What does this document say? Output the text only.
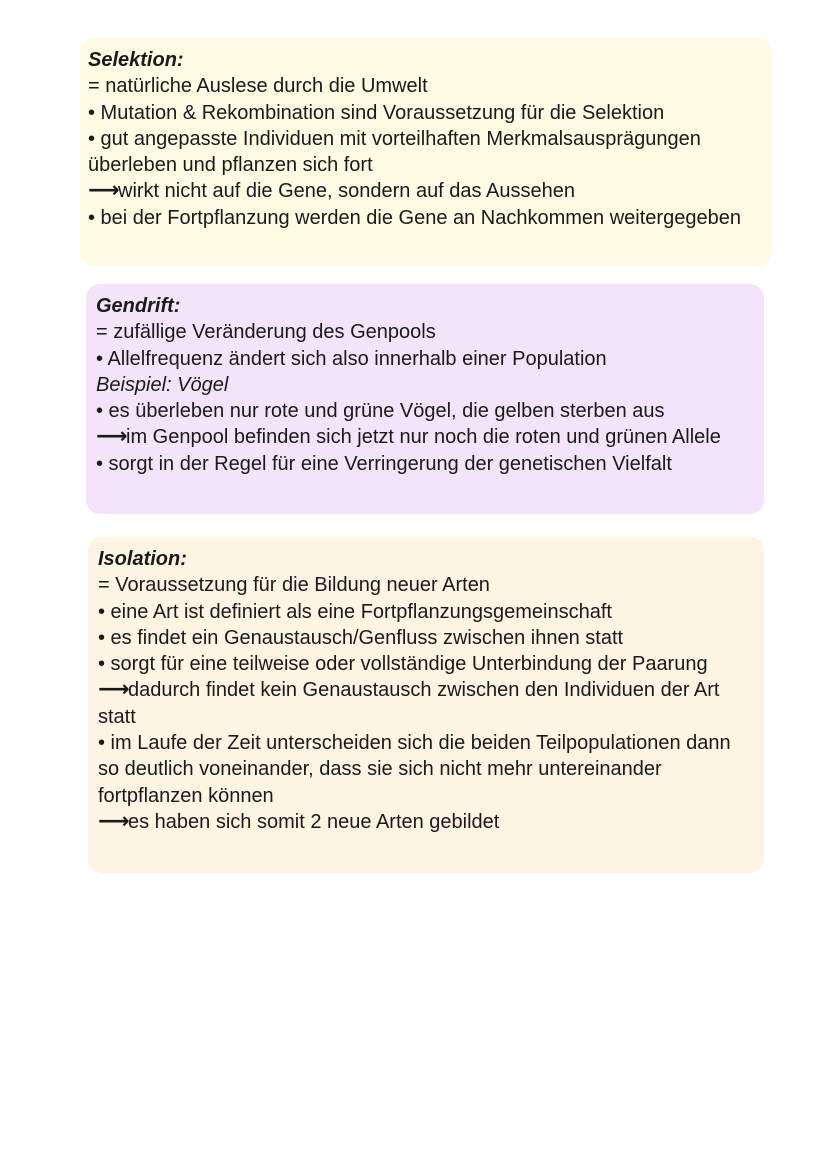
Selektion:
= natürliche Auslese durch die Umwelt
• Mutation & Rekombination sind Voraussetzung für die Selektion
• gut angepasste Individuen mit vorteilhaften Merkmalsausprägungen überleben und pflanzen sich fort
⟶wirkt nicht auf die Gene, sondern auf das Aussehen
• bei der Fortpflanzung werden die Gene an Nachkommen weitergegeben
Gendrift:
= zufällige Veränderung des Genpools
• Allelfrequenz ändert sich also innerhalb einer Population
Beispiel: Vögel
• es überleben nur rote und grüne Vögel, die gelben sterben aus
⟶im Genpool befinden sich jetzt nur noch die roten und grünen Allele
• sorgt in der Regel für eine Verringerung der genetischen Vielfalt
Isolation:
= Voraussetzung für die Bildung neuer Arten
• eine Art ist definiert als eine Fortpflanzungsgemeinschaft
• es findet ein Genaustausch/Genfluss zwischen ihnen statt
• sorgt für eine teilweise oder vollständige Unterbindung der Paarung
⟶dadurch findet kein Genaustausch zwischen den Individuen der Art statt
• im Laufe der Zeit unterscheiden sich die beiden Teilpopulationen dann so deutlich voneinander, dass sie sich nicht mehr untereinander fortpflanzen können
⟶es haben sich somit 2 neue Arten gebildet
